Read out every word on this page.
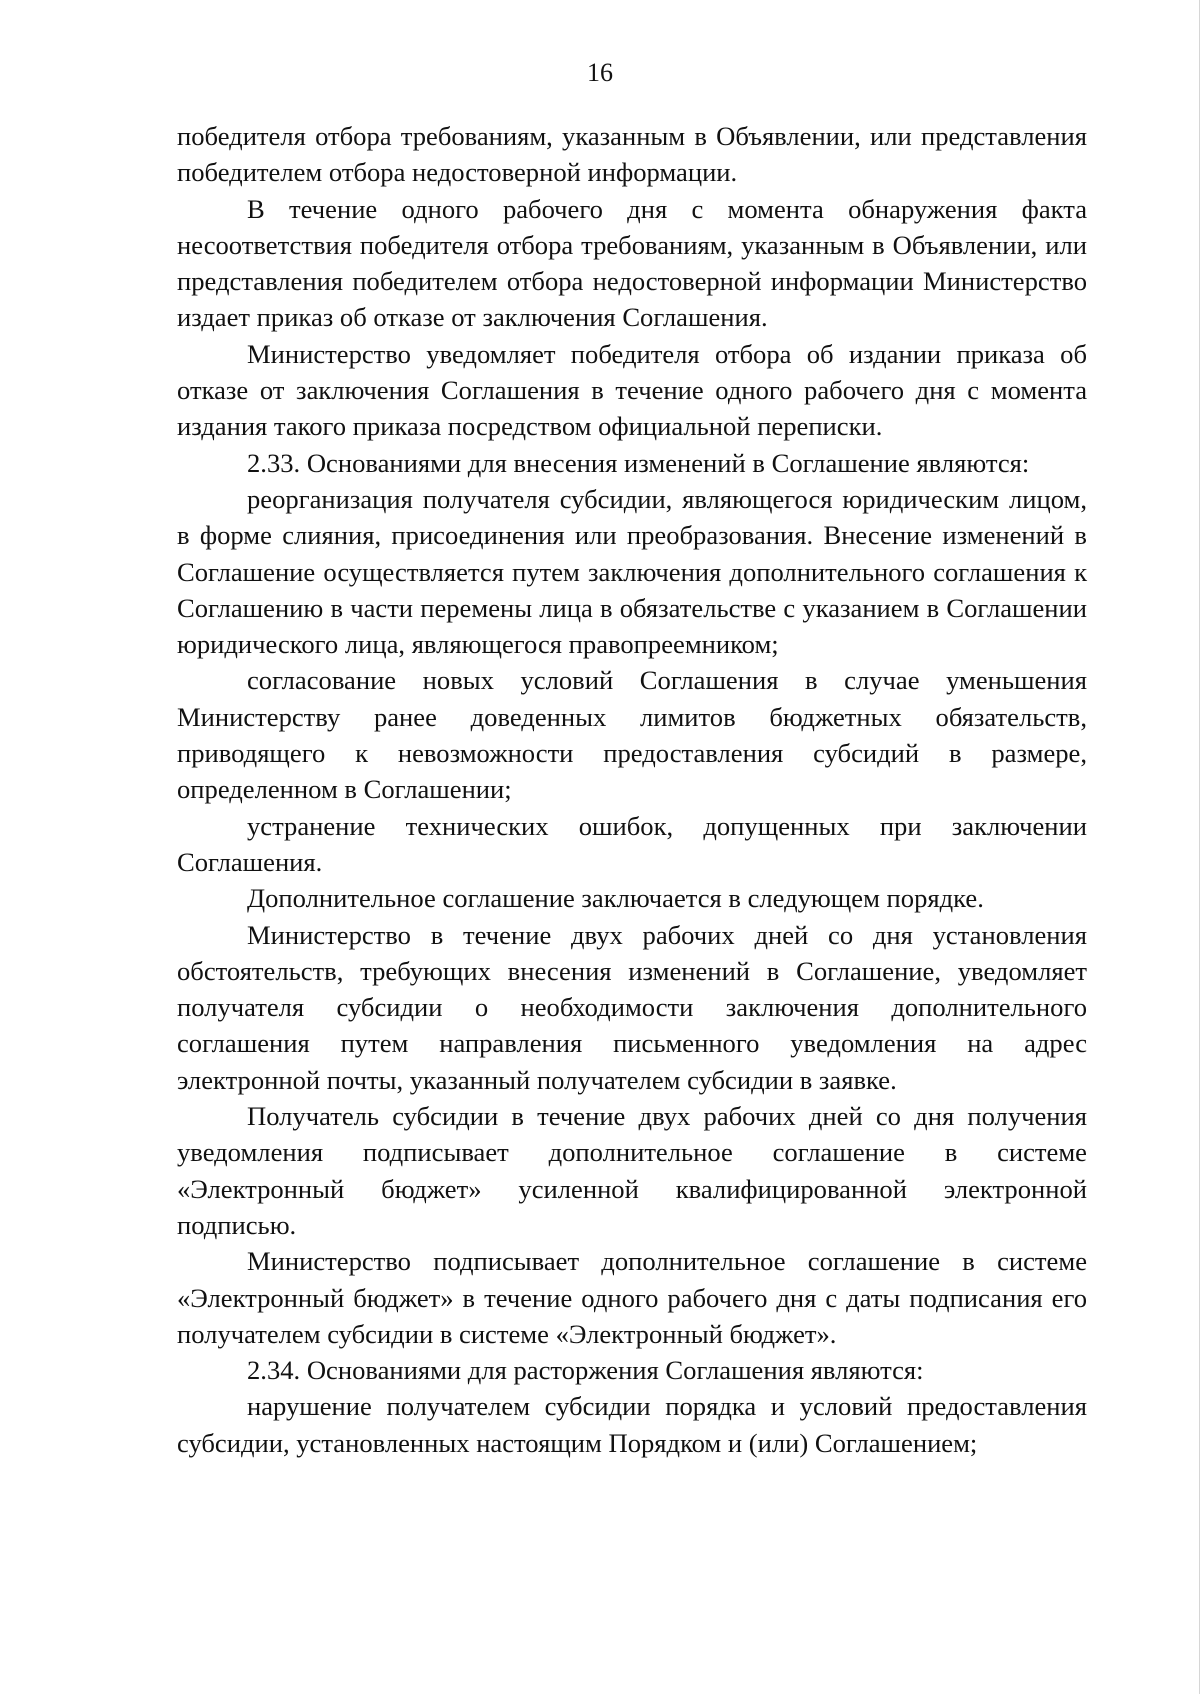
16

победителя отбора требованиям, указанным в Объявлении, или представления победителем отбора недостоверной информации.

В течение одного рабочего дня с момента обнаружения факта несоответствия победителя отбора требованиям, указанным в Объявлении, или представления победителем отбора недостоверной информации Министерство издает приказ об отказе от заключения Соглашения.

Министерство уведомляет победителя отбора об издании приказа об отказе от заключения Соглашения в течение одного рабочего дня с момента издания такого приказа посредством официальной переписки.

2.33. Основаниями для внесения изменений в Соглашение являются:

реорганизация получателя субсидии, являющегося юридическим лицом, в форме слияния, присоединения или преобразования. Внесение изменений в Соглашение осуществляется путем заключения дополнительного соглашения к Соглашению в части перемены лица в обязательстве с указанием в Соглашении юридического лица, являющегося правопреемником;

согласование новых условий Соглашения в случае уменьшения Министерству ранее доведенных лимитов бюджетных обязательств, приводящего к невозможности предоставления субсидий в размере, определенном в Соглашении;

устранение технических ошибок, допущенных при заключении Соглашения.

Дополнительное соглашение заключается в следующем порядке.

Министерство в течение двух рабочих дней со дня установления обстоятельств, требующих внесения изменений в Соглашение, уведомляет получателя субсидии о необходимости заключения дополнительного соглашения путем направления письменного уведомления на адрес электронной почты, указанный получателем субсидии в заявке.

Получатель субсидии в течение двух рабочих дней со дня получения уведомления подписывает дополнительное соглашение в системе «Электронный бюджет» усиленной квалифицированной электронной подписью.

Министерство подписывает дополнительное соглашение в системе «Электронный бюджет» в течение одного рабочего дня с даты подписания его получателем субсидии в системе «Электронный бюджет».

2.34. Основаниями для расторжения Соглашения являются:

нарушение получателем субсидии порядка и условий предоставления субсидии, установленных настоящим Порядком и (или) Соглашением;
